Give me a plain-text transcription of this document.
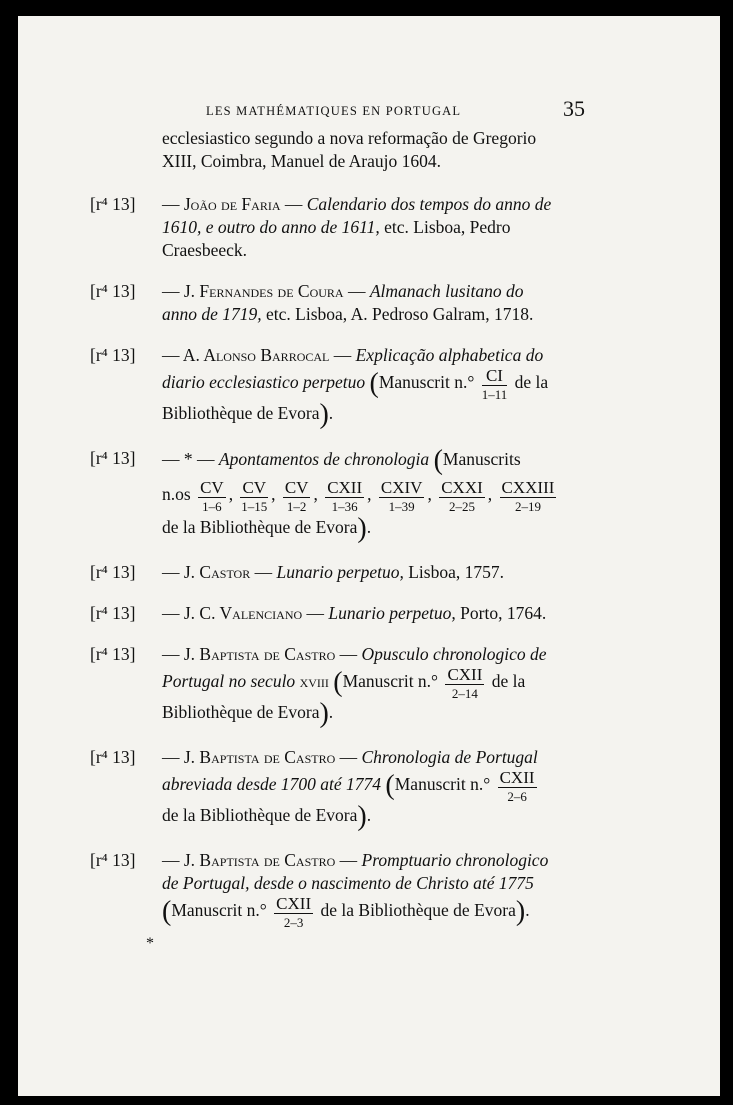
LES MATHÉMATIQUES EN PORTUGAL	35
ecclesiastico segundo a nova reformação de Gregorio XIII, Coimbra, Manuel de Araujo 1604.
[r⁴ 13] — João de Faria — Calendario dos tempos do anno de 1610, e outro do anno de 1611, etc. Lisboa, Pedro Craesbeeck.
[r⁴ 13] — J. Fernandes de Coura — Almanach lusitano do anno de 1719, etc. Lisboa, A. Pedroso Galram, 1718.
[r⁴ 13] — A. Alonso Barrocal — Explicação alphabetica do diario ecclesiastico perpetuo (Manuscrit $n.^\circ \frac{CI}{1-11}$ de la Bibliothèque de Evora).
[r⁴ 13] — * — Apontamentos de chronologia (Manuscrits
$n.os \frac{CV}{1-6}$ , $\frac{CV}{1-15}$ , $\frac{CV}{1-2}$ , $\frac{\text{CXII}}{1-36}$ , $\frac{\text{CXIV}}{1-39}$ , $\frac{\text{CXXI}}{2-25}$ , $\frac{\text{CXXIII}}{2-19}$
de la Bibliothèque de Evora).
[r⁴ 13] — J. Castor — Lunario perpetuo, Lisboa, 1757.
[r⁴ 13] — J. C. Valenciano — Lunario perpetuo, Porto, 1764.
[r⁴ 13] — J. Baptista de Castro — Opusculo chronologico de Portugal no seculo xviii (Manuscrit $n.^\circ \frac{\text{CXII}}{2-14}$ de la Bibliothèque de Evora).
[r⁴ 13] — J. Baptista de Castro — Chronologia de Portugal abreviada desde 1700 até 1774 (Manuscrit $n.^\circ \frac{\text{CXII}}{2-6}$
de la Bibliothèque de Evora).
[r⁴ 13] — J. Baptista de Castro — Promptuario chronologico de Portugal, desde o nascimento de Christo até 1775 (Manuscrit $n.^\circ \frac{\text{CXII}}{2-3}$ de la Bibliothèque de Evora).
*
